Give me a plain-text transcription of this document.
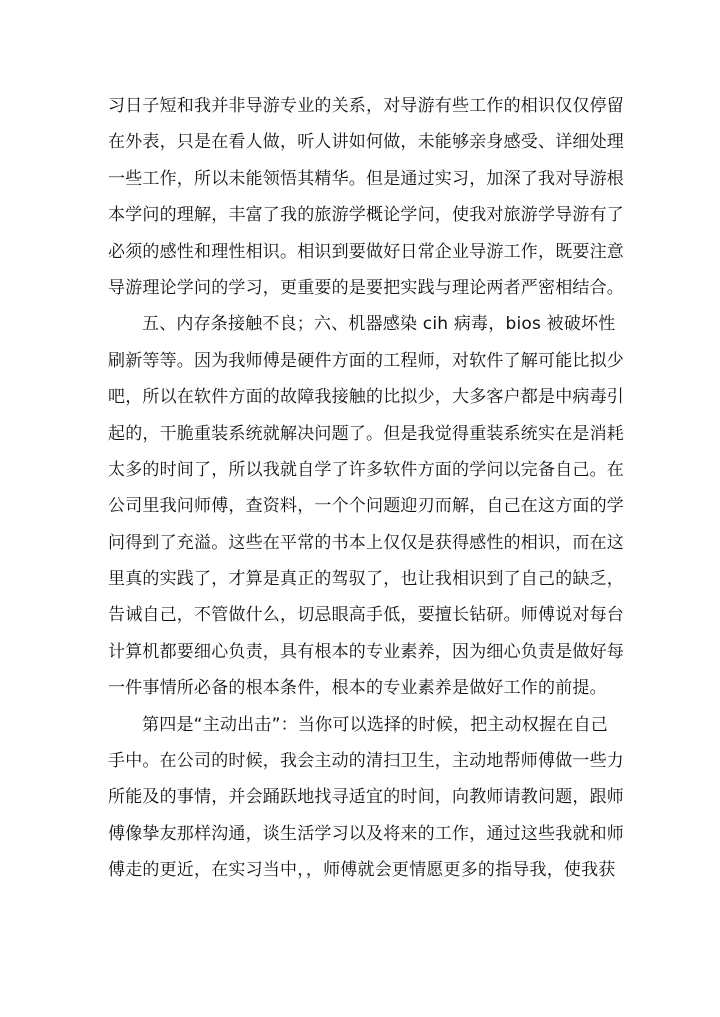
习日子短和我并非导游专业的关系，对导游有些工作的相识仅仅停留
在外表，只是在看人做，听人讲如何做，未能够亲身感受、详细处理
一些工作，所以未能领悟其精华。但是通过实习，加深了我对导游根
本学问的理解，丰富了我的旅游学概论学问，使我对旅游学导游有了
必须的感性和理性相识。相识到要做好日常企业导游工作，既要注意
导游理论学问的学习，更重要的是要把实践与理论两者严密相结合。
五、内存条接触不良；六、机器感染 cih 病毒，bios 被破坏性
刷新等等。因为我师傅是硬件方面的工程师，对软件了解可能比拟少
吧，所以在软件方面的故障我接触的比拟少，大多客户都是中病毒引
起的，干脆重装系统就解决问题了。但是我觉得重装系统实在是消耗
太多的时间了，所以我就自学了许多软件方面的学问以完备自己。在
公司里我问师傅，查资料，一个个问题迎刃而解，自己在这方面的学
问得到了充溢。这些在平常的书本上仅仅是获得感性的相识，而在这
里真的实践了，才算是真正的驾驭了，也让我相识到了自己的缺乏，
告诫自己，不管做什么，切忌眼高手低，要擅长钻研。师傅说对每台
计算机都要细心负责，具有根本的专业素养，因为细心负责是做好每
一件事情所必备的根本条件，根本的专业素养是做好工作的前提。
第四是“主动出击”：当你可以选择的时候，把主动权握在自己
手中。在公司的时候，我会主动的清扫卫生，主动地帮师傅做一些力
所能及的事情，并会踊跃地找寻适宜的时间，向教师请教问题，跟师
傅像挚友那样沟通，谈生活学习以及将来的工作，通过这些我就和师
傅走的更近，在实习当中，，师傅就会更情愿更多的指导我，使我获
